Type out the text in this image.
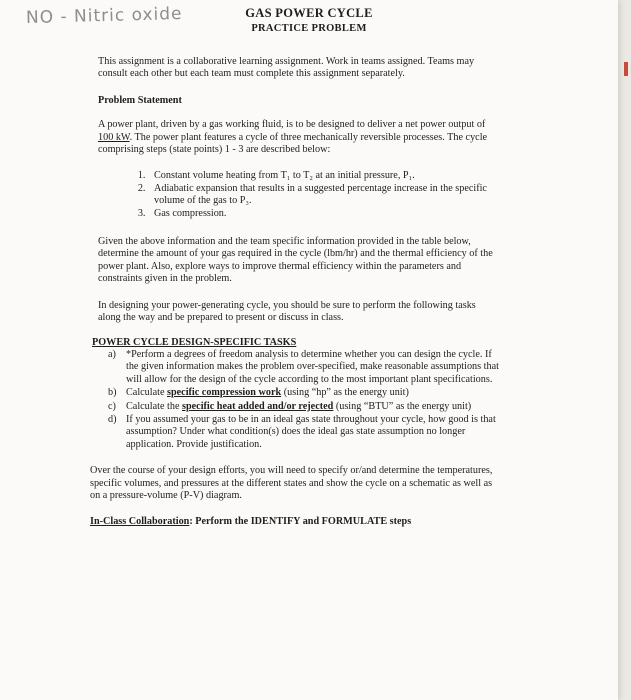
NO - Nitric oxide	GAS POWER CYCLE
PRACTICE PROBLEM

This assignment is a collaborative learning assignment. Work in teams assigned. Teams may consult each other but each team must complete this assignment separately.

Problem Statement

A power plant, driven by a gas working fluid, is to be designed to deliver a net power output of 100 kW. The power plant features a cycle of three mechanically reversible processes. The cycle comprising steps (state points) 1 - 3 are described below:

1. Constant volume heating from T₁ to T₂ at an initial pressure, P₁.
2. Adiabatic expansion that results in a suggested percentage increase in the specific volume of the gas to P₃.
3. Gas compression.

Given the above information and the team specific information provided in the table below, determine the amount of your gas required in the cycle (lbm/hr) and the thermal efficiency of the power plant. Also, explore ways to improve thermal efficiency within the parameters and constraints given in the problem.

In designing your power-generating cycle, you should be sure to perform the following tasks along the way and be prepared to present or discuss in class.

POWER CYCLE DESIGN-SPECIFIC TASKS
a) *Perform a degrees of freedom analysis to determine whether you can design the cycle. If the given information makes the problem over-specified, make reasonable assumptions that will allow for the design of the cycle according to the most important plant specifications.
b) Calculate specific compression work (using “hp” as the energy unit)
c) Calculate the specific heat added and/or rejected (using “BTU” as the energy unit)
d) If you assumed your gas to be in an ideal gas state throughout your cycle, how good is that assumption? Under what condition(s) does the ideal gas state assumption no longer application. Provide justification.

Over the course of your design efforts, you will need to specify or/and determine the temperatures, specific volumes, and pressures at the different states and show the cycle on a schematic as well as on a pressure-volume (P-V) diagram.

In-Class Collaboration: Perform the IDENTIFY and FORMULATE steps
